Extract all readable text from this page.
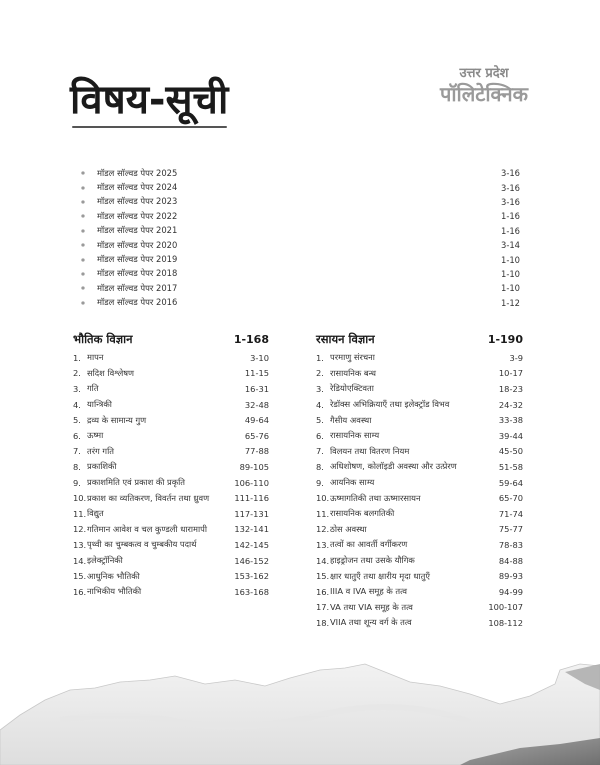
विषय-सूची
उत्तर प्रदेश
पॉलिटेक्निक
मॉडल सॉल्वड पेपर 2025	3-16
मॉडल सॉल्वड पेपर 2024	3-16
मॉडल सॉल्वड पेपर 2023	3-16
मॉडल सॉल्वड पेपर 2022	1-16
मॉडल सॉल्वड पेपर 2021	1-16
मॉडल सॉल्वड पेपर 2020	3-14
मॉडल सॉल्वड पेपर 2019	1-10
मॉडल सॉल्वड पेपर 2018	1-10
मॉडल सॉल्वड पेपर 2017	1-10
मॉडल सॉल्वड पेपर 2016	1-12
भौतिक विज्ञान	1-168
1. मापन	3-10
2. सदिश विश्लेषण	11-15
3. गति	16-31
4. यान्त्रिकी	32-48
5. द्रव्य के सामान्य गुण	49-64
6. ऊष्मा	65-76
7. तरंग गति	77-88
8. प्रकाशिकी	89-105
9. प्रकाशमिति एवं प्रकाश की प्रकृति	106-110
10. प्रकाश का व्यतिकरण, विवर्तन तथा ध्रुवण	111-116
11. विद्युत	117-131
12. गतिमान आवेश व चल कुण्डली धारामापी	132-141
13. पृथ्वी का चुम्बकत्व व चुम्बकीय पदार्थ	142-145
14. इलेक्ट्रॉनिकी	146-152
15. आधुनिक भौतिकी	153-162
16. नाभिकीय भौतिकी	163-168
रसायन विज्ञान	1-190
1. परमाणु संरचना	3-9
2. रासायनिक बन्ध	10-17
3. रेडियोएक्टिवता	18-23
4. रेडॉक्स अभिक्रियाएँ तथा इलेक्ट्रॉड विभव	24-32
5. गैसीय अवस्था	33-38
6. रासायनिक साम्य	39-44
7. विलयन तथा वितरण नियम	45-50
8. अधिशोषण, कोलॉइडी अवस्था और उत्प्रेरण	51-58
9. आयनिक साम्य	59-64
10. ऊष्मागतिकी तथा ऊष्मारसायन	65-70
11. रासायनिक बलगतिकी	71-74
12. ठोस अवस्था	75-77
13. तत्वों का आवर्ती वर्गीकरण	78-83
14. हाइड्रोजन तथा उसके यौगिक	84-88
15. क्षार धातुएँ तथा क्षारीय मृदा धातुएँ	89-93
16. IIIA व IVA समूह के तत्व	94-99
17. VA तथा VIA समूह के तत्व	100-107
18. VIIA तथा शून्य वर्ग के तत्व	108-112
